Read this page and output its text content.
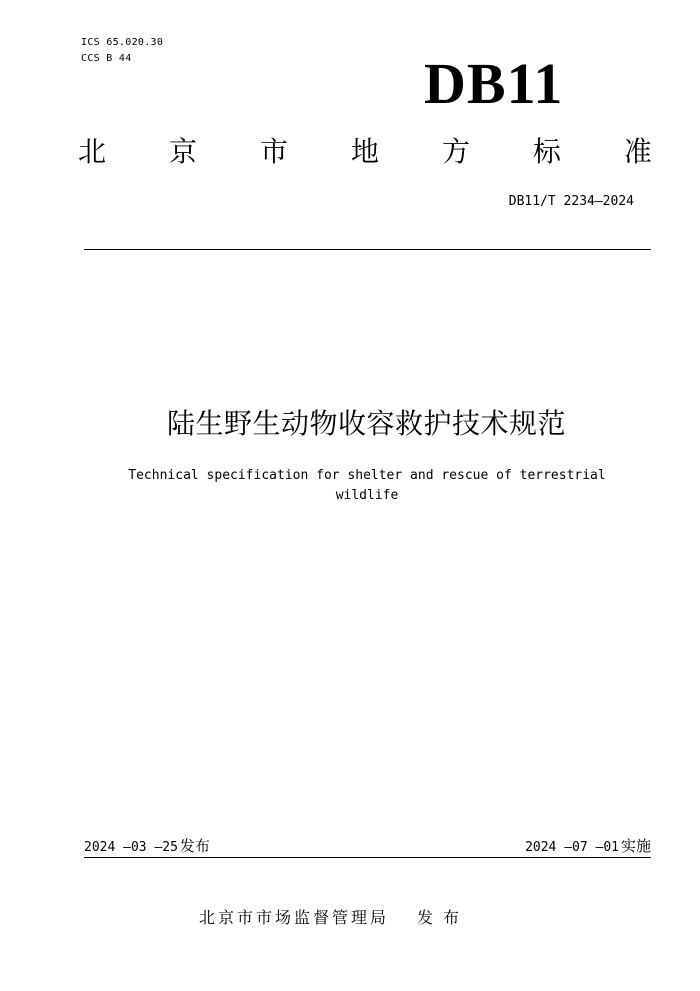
ICS 65.020.30
CCS B 44	DB11
北 京 市 地 方 标 准
DB11/T 2234—2024
陆生野生动物收容救护技术规范
Technical specification for shelter and rescue of terrestrial wildlife
2024 —03 —25 发布	2024 —07 —01 实施
北京市市场监督管理局 发布
